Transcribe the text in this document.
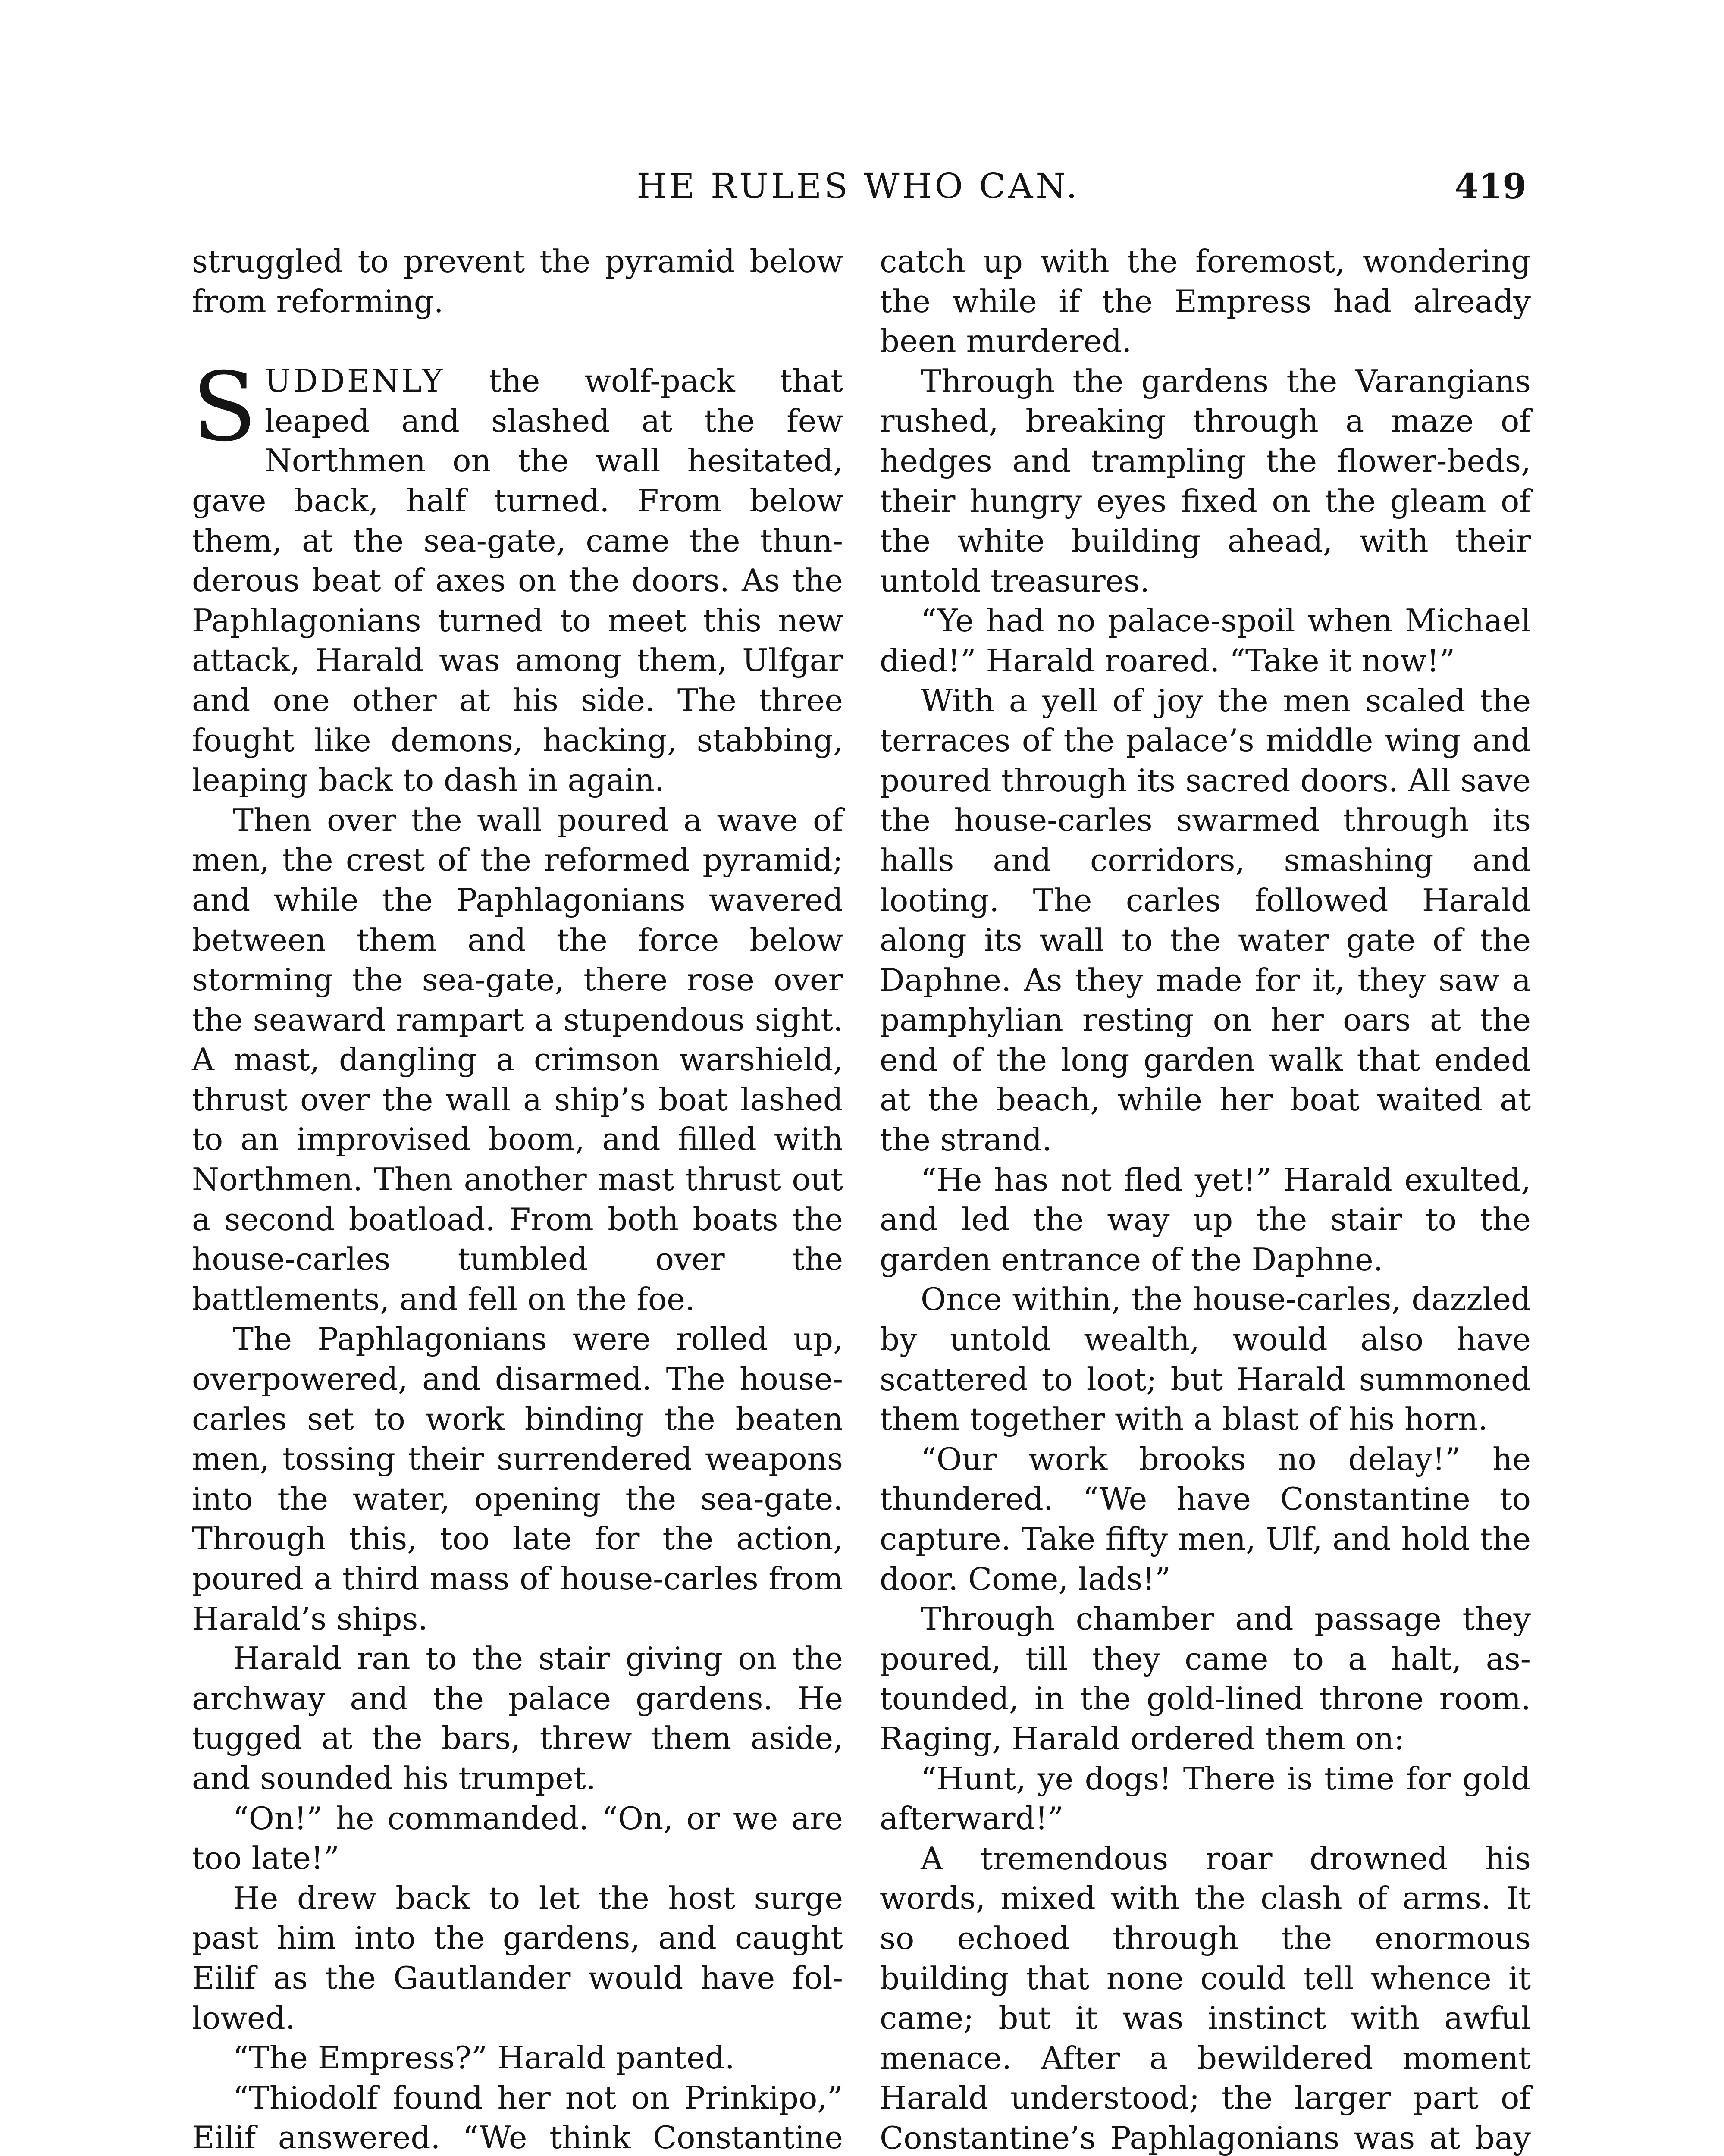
HE RULES WHO CAN.	419

struggled to prevent the pyramid below from reforming.

SUDDENLY the wolf-pack that leaped and slashed at the few Northmen on the wall hesitated, gave back, half turned. From below them, at the sea-gate, came the thunderous beat of axes on the doors. As the Paphlagonians turned to meet this new attack, Harald was among them, Ulfgar and one other at his side. The three fought like demons, hacking, stabbing, leaping back to dash in again.

Then over the wall poured a wave of men, the crest of the reformed pyramid; and while the Paphlagonians wavered between them and the force below storming the sea-gate, there rose over the seaward rampart a stupendous sight. A mast, dangling a crimson warshield, thrust over the wall a ship’s boat lashed to an improvised boom, and filled with Northmen. Then another mast thrust out a second boatload. From both boats the house-carles tumbled over the battlements, and fell on the foe.

The Paphlagonians were rolled up, overpowered, and disarmed. The house-carles set to work binding the beaten men, tossing their surrendered weapons into the water, opening the sea-gate. Through this, too late for the action, poured a third mass of house-carles from Harald’s ships.

Harald ran to the stair giving on the archway and the palace gardens. He tugged at the bars, threw them aside, and sounded his trumpet.

“On!” he commanded. “On, or we are too late!”

He drew back to let the host surge past him into the gardens, and caught Eilif as the Gautlander would have followed.

“The Empress?” Harald panted.

“Thiodolf found her not on Prinkipo,” Eilif answered. “We think Constantine

catch up with the foremost, wondering the while if the Empress had already been murdered.

Through the gardens the Varangians rushed, breaking through a maze of hedges and trampling the flower-beds, their hungry eyes fixed on the gleam of the white building ahead, with their untold treasures.

“Ye had no palace-spoil when Michael died!” Harald roared. “Take it now!”

With a yell of joy the men scaled the terraces of the palace’s middle wing and poured through its sacred doors. All save the house-carles swarmed through its halls and corridors, smashing and looting. The carles followed Harald along its wall to the water gate of the Daphne. As they made for it, they saw a pamphylian resting on her oars at the end of the long garden walk that ended at the beach, while her boat waited at the strand.

“He has not fled yet!” Harald exulted, and led the way up the stair to the garden entrance of the Daphne.

Once within, the house-carles, dazzled by untold wealth, would also have scattered to loot; but Harald summoned them together with a blast of his horn.

“Our work brooks no delay!” he thundered. “We have Constantine to capture. Take fifty men, Ulf, and hold the door. Come, lads!”

Through chamber and passage they poured, till they came to a halt, astounded, in the gold-lined throne room. Raging, Harald ordered them on:

“Hunt, ye dogs! There is time for gold afterward!”

A tremendous roar drowned his words, mixed with the clash of arms. It so echoed through the enormous building that none could tell whence it came; but it was instinct with awful menace. After a bewildered moment Harald understood; the larger part of Constantine’s Paphlagonians was at bay
